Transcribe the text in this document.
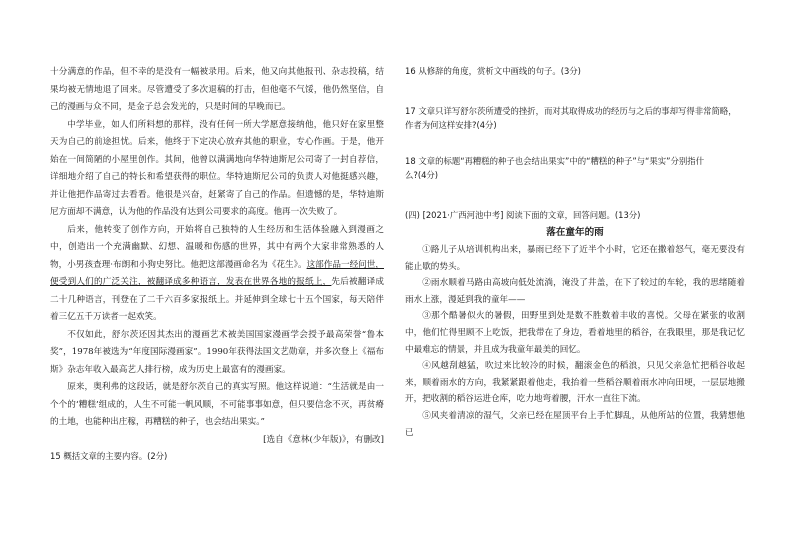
十分满意的作品，但不幸的是没有一幅被录用。后来，他又向其他报刊、杂志投稿，结果均被无情地退了回来。尽管遭受了多次退稿的打击，但他毫不气馁，他仍然坚信，自己的漫画与众不同，是金子总会发光的，只是时间的早晚而已。

中学毕业，如人们所料想的那样，没有任何一所大学愿意接纳他，他只好在家里整天为自己的前途担忧。后来，他终于下定决心放弃其他的职业，专心作画。于是，他开始在一间简陋的小屋里创作。其间，他曾以满满地向华特迪斯尼公司寄了一封自荐信，详细地介绍了自己的特长和希望获得的职位。华特迪斯尼公司的负责人对他挺感兴趣，并让他把作品寄过去看看。他很是兴奋，赶紧寄了自己的作品。但遗憾的是，华特迪斯尼方面却不满意，认为他的作品没有达到公司要求的高度。他再一次失败了。

后来，他转变了创作方向，开始将自己独特的人生经历和生活体验融入到漫画之中，创造出一个充满幽默、幻想、温暖和伤感的世界，其中有两个大家非常熟悉的人物，小男孩查理·布朗和小狗史努比。他把这部漫画命名为《花生》。这部作品一经问世，便受到人们的广泛关注，被翻译成多种语言，发表在世界各地的报纸上，先后被翻译成二十几种语言，刊登在了二千六百多家报纸上。并延伸到全球七十五个国家，每天陪伴着三亿五千万读者一起欢笑。

不仅如此，舒尔茨还因其杰出的漫画艺术被美国国家漫画学会授予最高荣誉“鲁本奖”，1978年被选为“年度国际漫画家”。1990年获得法国文艺勋章，并多次登上《福布斯》杂志年收入最高艺人排行榜，成为历史上最富有的漫画家。

原来，奥利弗的这段话，就是舒尔茨自己的真实写照。他这样说道：“生活就是由一个个的‘糟糕’组成的，人生不可能一帆风顺，不可能事事如意，但只要信念不灭，再贫瘠的土地，也能种出庄稼，再糟糕的种子，也会结出果实。”

[选自《意林(少年版)》，有删改]

15 概括文章的主要内容。(2分)

16 从修辞的角度，赏析文中画线的句子。(3分)

17 文章只详写舒尔茨所遭受的挫折，而对其取得成功的经历与之后的事却写得非常简略，

作者为何这样安排?(4分)

18 文章的标题“再糟糕的种子也会结出果实”中的“糟糕的种子”与“果实”分别指什

么?(4分)

(四) [2021·广西河池中考] 阅读下面的文章，回答问题。(13分)

落在童年的雨

①路儿子从培训机构出来，暴雨已经下了近半个小时，它还在撒着怒气，毫无要没有能止歇的势头。

②雨水顺着马路由高坡向低处流淌，淹没了井盖，在下了较过的车轮，我的思绪随着雨水上涨，漫延到我的童年——

③那个酷暑似火的暑假，田野里到处是数不胜数着丰收的喜悦。父母在紧张的收割中，他们忙得里顾不上吃饭，把我带在了身边，看着地里的稻谷，在我眼里，那是我记忆中最难忘的情景，并且成为我童年最美的回忆。

④风越刮越猛，吹过来比较冷的时候，翻滚金色的稻浪，只见父亲急忙把稻谷收起来，顺着雨水的方向，我紧紧跟着他走，我抬着一些稻谷顺着雨水冲向田埂，一层层地搬开，把收割的稻谷运进仓库，吃力地弯着腰，汗水一直往下流。

⑤风夹着清凉的湿气，父亲已经在屋顶平台上手忙脚乱，从他所站的位置，我猜想他已
